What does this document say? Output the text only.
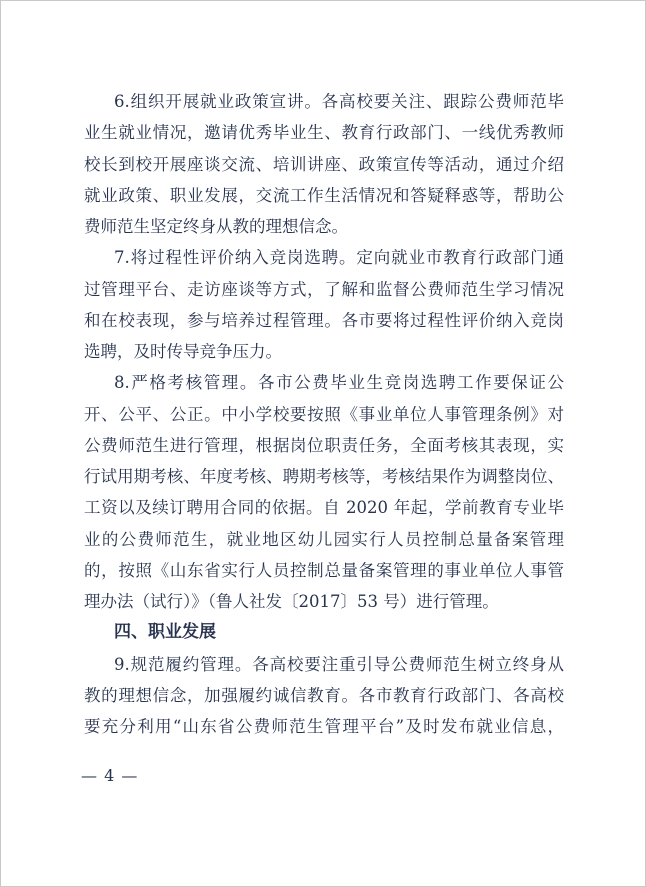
6.组织开展就业政策宣讲。各高校要关注、跟踪公费师范毕
业生就业情况，邀请优秀毕业生、教育行政部门、一线优秀教师
校长到校开展座谈交流、培训讲座、政策宣传等活动，通过介绍
就业政策、职业发展，交流工作生活情况和答疑释惑等，帮助公
费师范生坚定终身从教的理想信念。
7.将过程性评价纳入竞岗选聘。定向就业市教育行政部门通
过管理平台、走访座谈等方式，了解和监督公费师范生学习情况
和在校表现，参与培养过程管理。各市要将过程性评价纳入竞岗
选聘，及时传导竞争压力。
8.严格考核管理。各市公费毕业生竞岗选聘工作要保证公
开、公平、公正。中小学校要按照《事业单位人事管理条例》对
公费师范生进行管理，根据岗位职责任务，全面考核其表现，实
行试用期考核、年度考核、聘期考核等，考核结果作为调整岗位、
工资以及续订聘用合同的依据。自 2020 年起，学前教育专业毕
业的公费师范生，就业地区幼儿园实行人员控制总量备案管理
的，按照《山东省实行人员控制总量备案管理的事业单位人事管
理办法（试行）》（鲁人社发〔2017〕53 号）进行管理。
四、职业发展
9.规范履约管理。各高校要注重引导公费师范生树立终身从
教的理想信念，加强履约诚信教育。各市教育行政部门、各高校
要充分利用“山东省公费师范生管理平台”及时发布就业信息，
— 4 —
